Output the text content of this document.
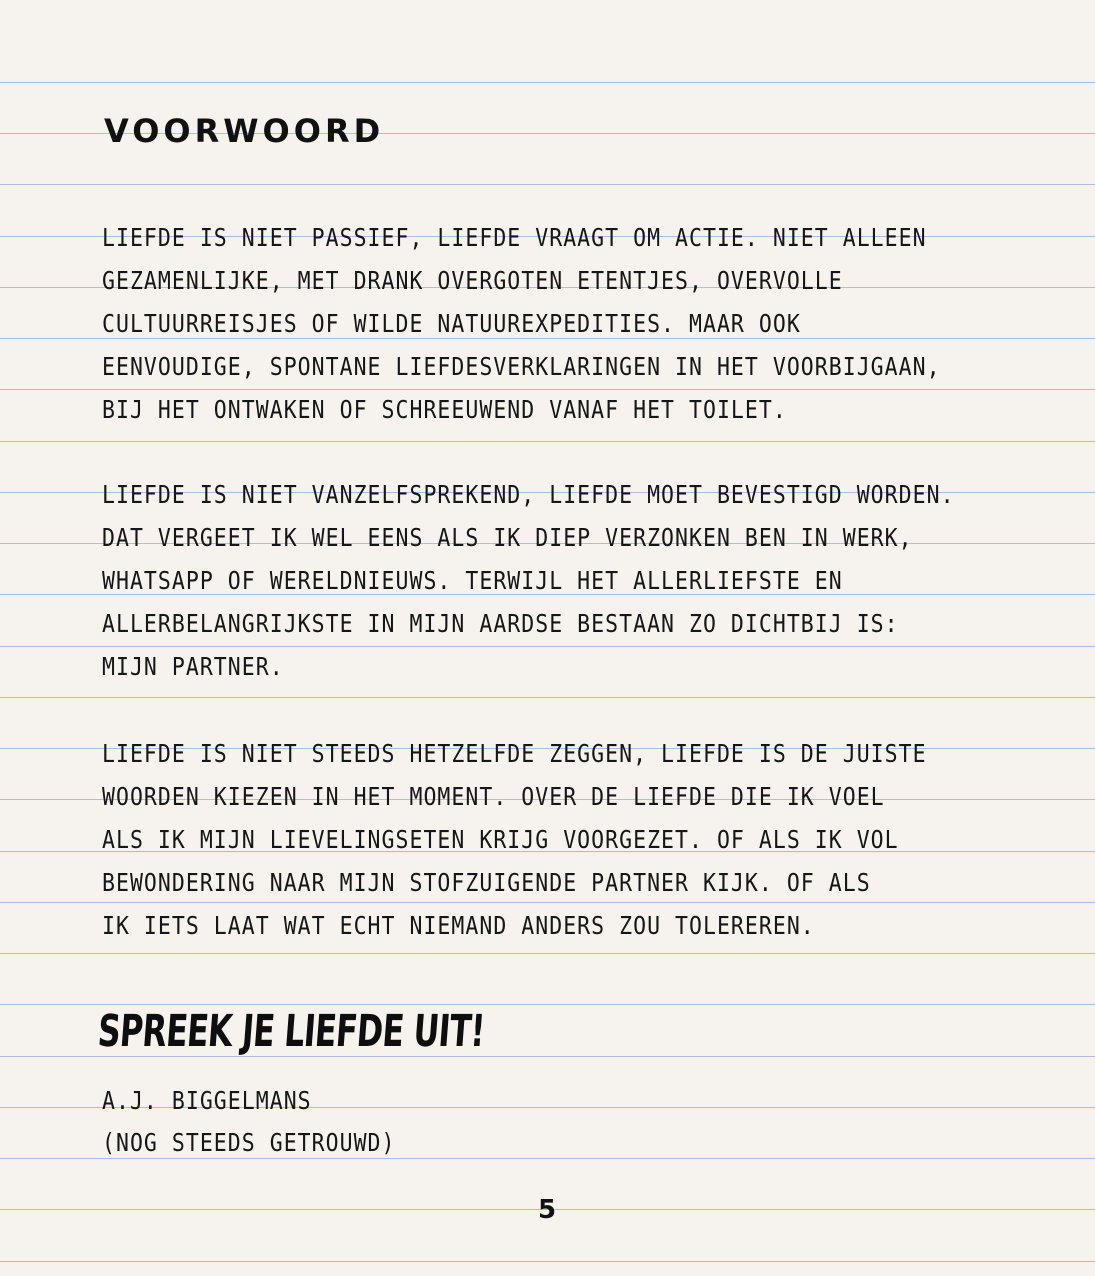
voorwoord

LIEFDE IS NIET PASSIEF, LIEFDE VRAAGT OM ACTIE. NIET ALLEEN
GEZAMENLIJKE, MET DRANK OVERGOTEN ETENTJES, OVERVOLLE
CULTUURREISJES OF WILDE NATUUREXPEDITIES. MAAR OOK
EENVOUDIGE, SPONTANE LIEFDESVERKLARINGEN IN HET VOORBIJGAAN,
BIJ HET ONTWAKEN OF SCHREEUWEND VANAF HET TOILET.

LIEFDE IS NIET VANZELFSPREKEND, LIEFDE MOET BEVESTIGD WORDEN.
DAT VERGEET IK WEL EENS ALS IK DIEP VERZONKEN BEN IN WERK,
WHATSAPP OF WERELDNIEUWS. TERWIJL HET ALLERLIEFSTE EN
ALLERBELANGRIJKSTE IN MIJN AARDSE BESTAAN ZO DICHTBIJ IS:
MIJN PARTNER.

LIEFDE IS NIET STEEDS HETZELFDE ZEGGEN, LIEFDE IS DE JUISTE
WOORDEN KIEZEN IN HET MOMENT. OVER DE LIEFDE DIE IK VOEL
ALS IK MIJN LIEVELINGSETEN KRIJG VOORGEZET. OF ALS IK VOL
BEWONDERING NAAR MIJN STOFZUIGENDE PARTNER KIJK. OF ALS
IK IETS LAAT WAT ECHT NIEMAND ANDERS ZOU TOLEREREN.

SPREEK JE LIEFDE UIT!
A.J. BIGGELMANS
(NOG STEEDS GETROUWD)
5
